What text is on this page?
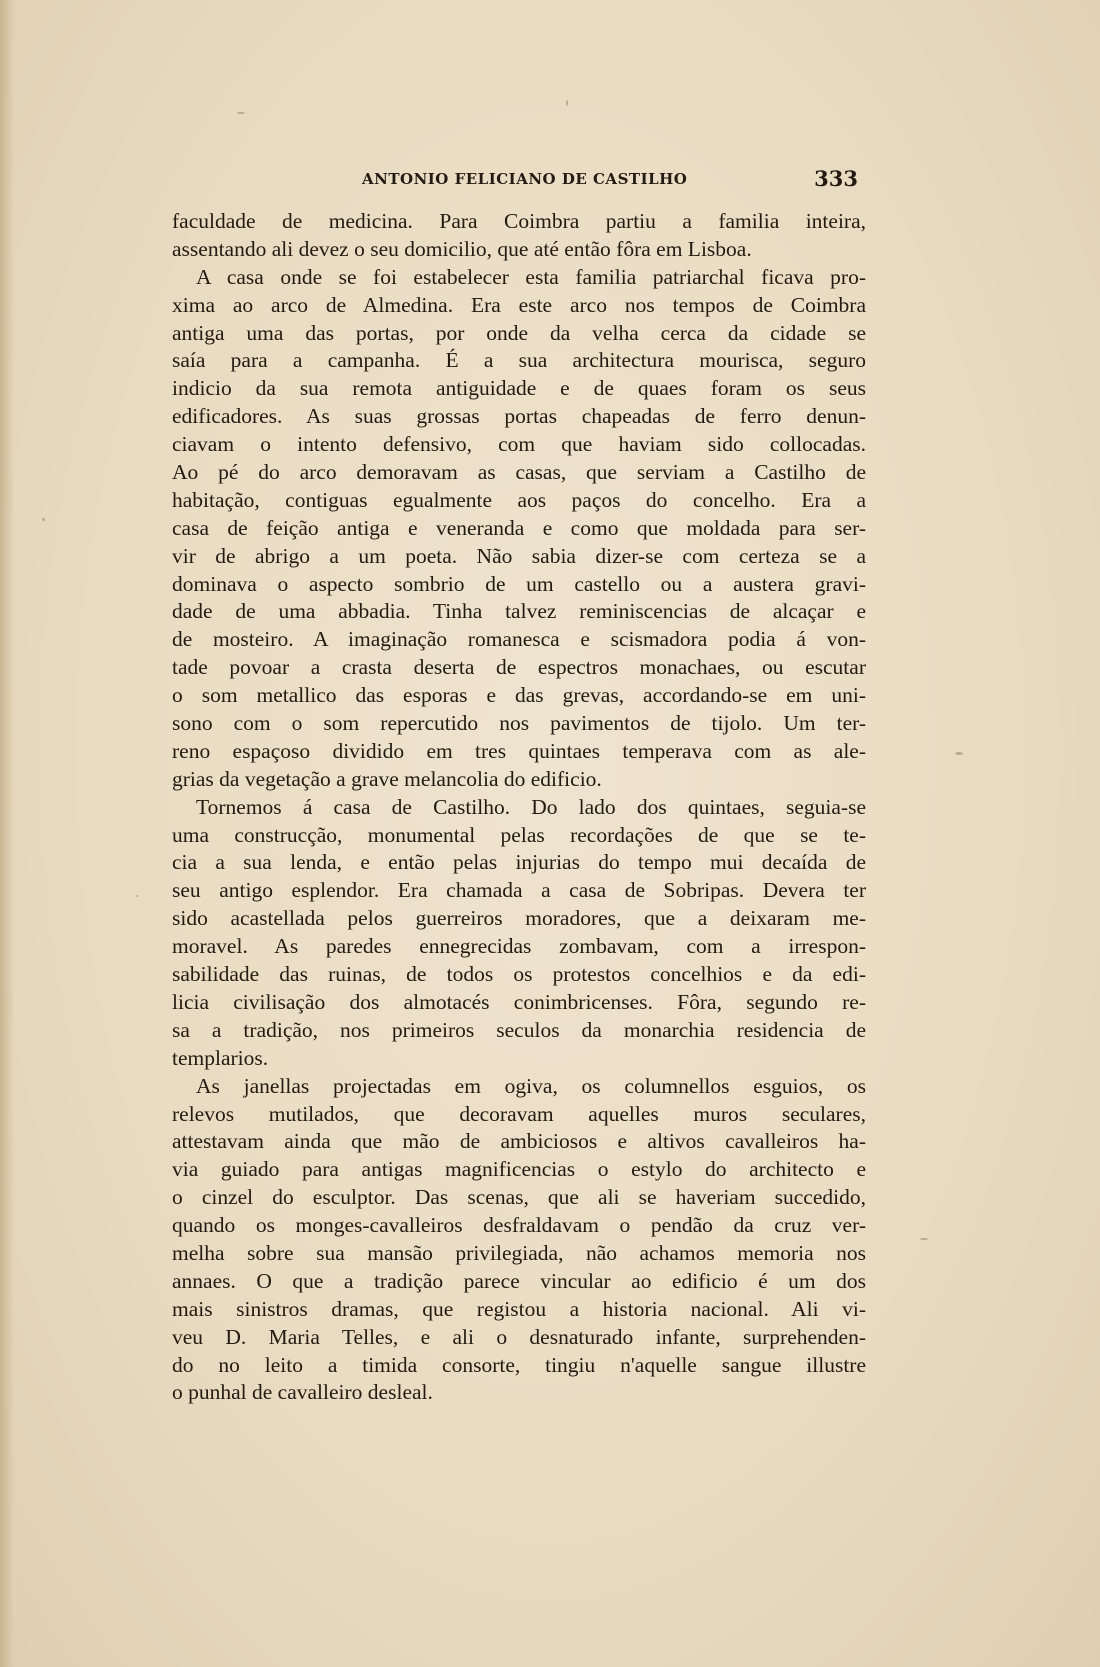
ANTONIO FELICIANO DE CASTILHO	333

faculdade de medicina. Para Coimbra partiu a familia inteira,
assentando ali devez o seu domicilio, que até então fôra em Lisboa.

A casa onde se foi estabelecer esta familia patriarchal ficava pro-
xima ao arco de Almedina. Era este arco nos tempos de Coimbra
antiga uma das portas, por onde da velha cerca da cidade se
saía para a campanha. É a sua architectura mourisca, seguro
indicio da sua remota antiguidade e de quaes foram os seus
edificadores. As suas grossas portas chapeadas de ferro denun-
ciavam o intento defensivo, com que haviam sido collocadas.
Ao pé do arco demoravam as casas, que serviam a Castilho de
habitação, contiguas egualmente aos paços do concelho. Era a
casa de feição antiga e veneranda e como que moldada para ser-
vir de abrigo a um poeta. Não sabia dizer-se com certeza se a
dominava o aspecto sombrio de um castello ou a austera gravi-
dade de uma abbadia. Tinha talvez reminiscencias de alcaçar e
de mosteiro. A imaginação romanesca e scismadora podia á von-
tade povoar a crasta deserta de espectros monachaes, ou escutar
o som metallico das esporas e das grevas, accordando-se em uni-
sono com o som repercutido nos pavimentos de tijolo. Um ter-
reno espaçoso dividido em tres quintaes temperava com as ale-
grias da vegetação a grave melancolia do edificio.

Tornemos á casa de Castilho. Do lado dos quintaes, seguia-se
uma construcção, monumental pelas recordações de que se te-
cia a sua lenda, e então pelas injurias do tempo mui decaída de
seu antigo esplendor. Era chamada a casa de Sobripas. Devera ter
sido acastellada pelos guerreiros moradores, que a deixaram me-
moravel. As paredes ennegrecidas zombavam, com a irrespon-
sabilidade das ruinas, de todos os protestos concelhios e da edi-
licia civilisação dos almotacés conimbricenses. Fôra, segundo re-
sa a tradição, nos primeiros seculos da monarchia residencia de
templarios.

As janellas projectadas em ogiva, os columnellos esguios, os
relevos mutilados, que decoravam aquelles muros seculares,
attestavam ainda que mão de ambiciosos e altivos cavalleiros ha-
via guiado para antigas magnificencias o estylo do architecto e
o cinzel do esculptor. Das scenas, que ali se haveriam succedido,
quando os monges-cavalleiros desfraldavam o pendão da cruz ver-
melha sobre sua mansão privilegiada, não achamos memoria nos
annaes. O que a tradição parece vincular ao edificio é um dos
mais sinistros dramas, que registou a historia nacional. Ali vi-
veu D. Maria Telles, e ali o desnaturado infante, surprehenden-
do no leito a timida consorte, tingiu n'aquelle sangue illustre
o punhal de cavalleiro desleal.
